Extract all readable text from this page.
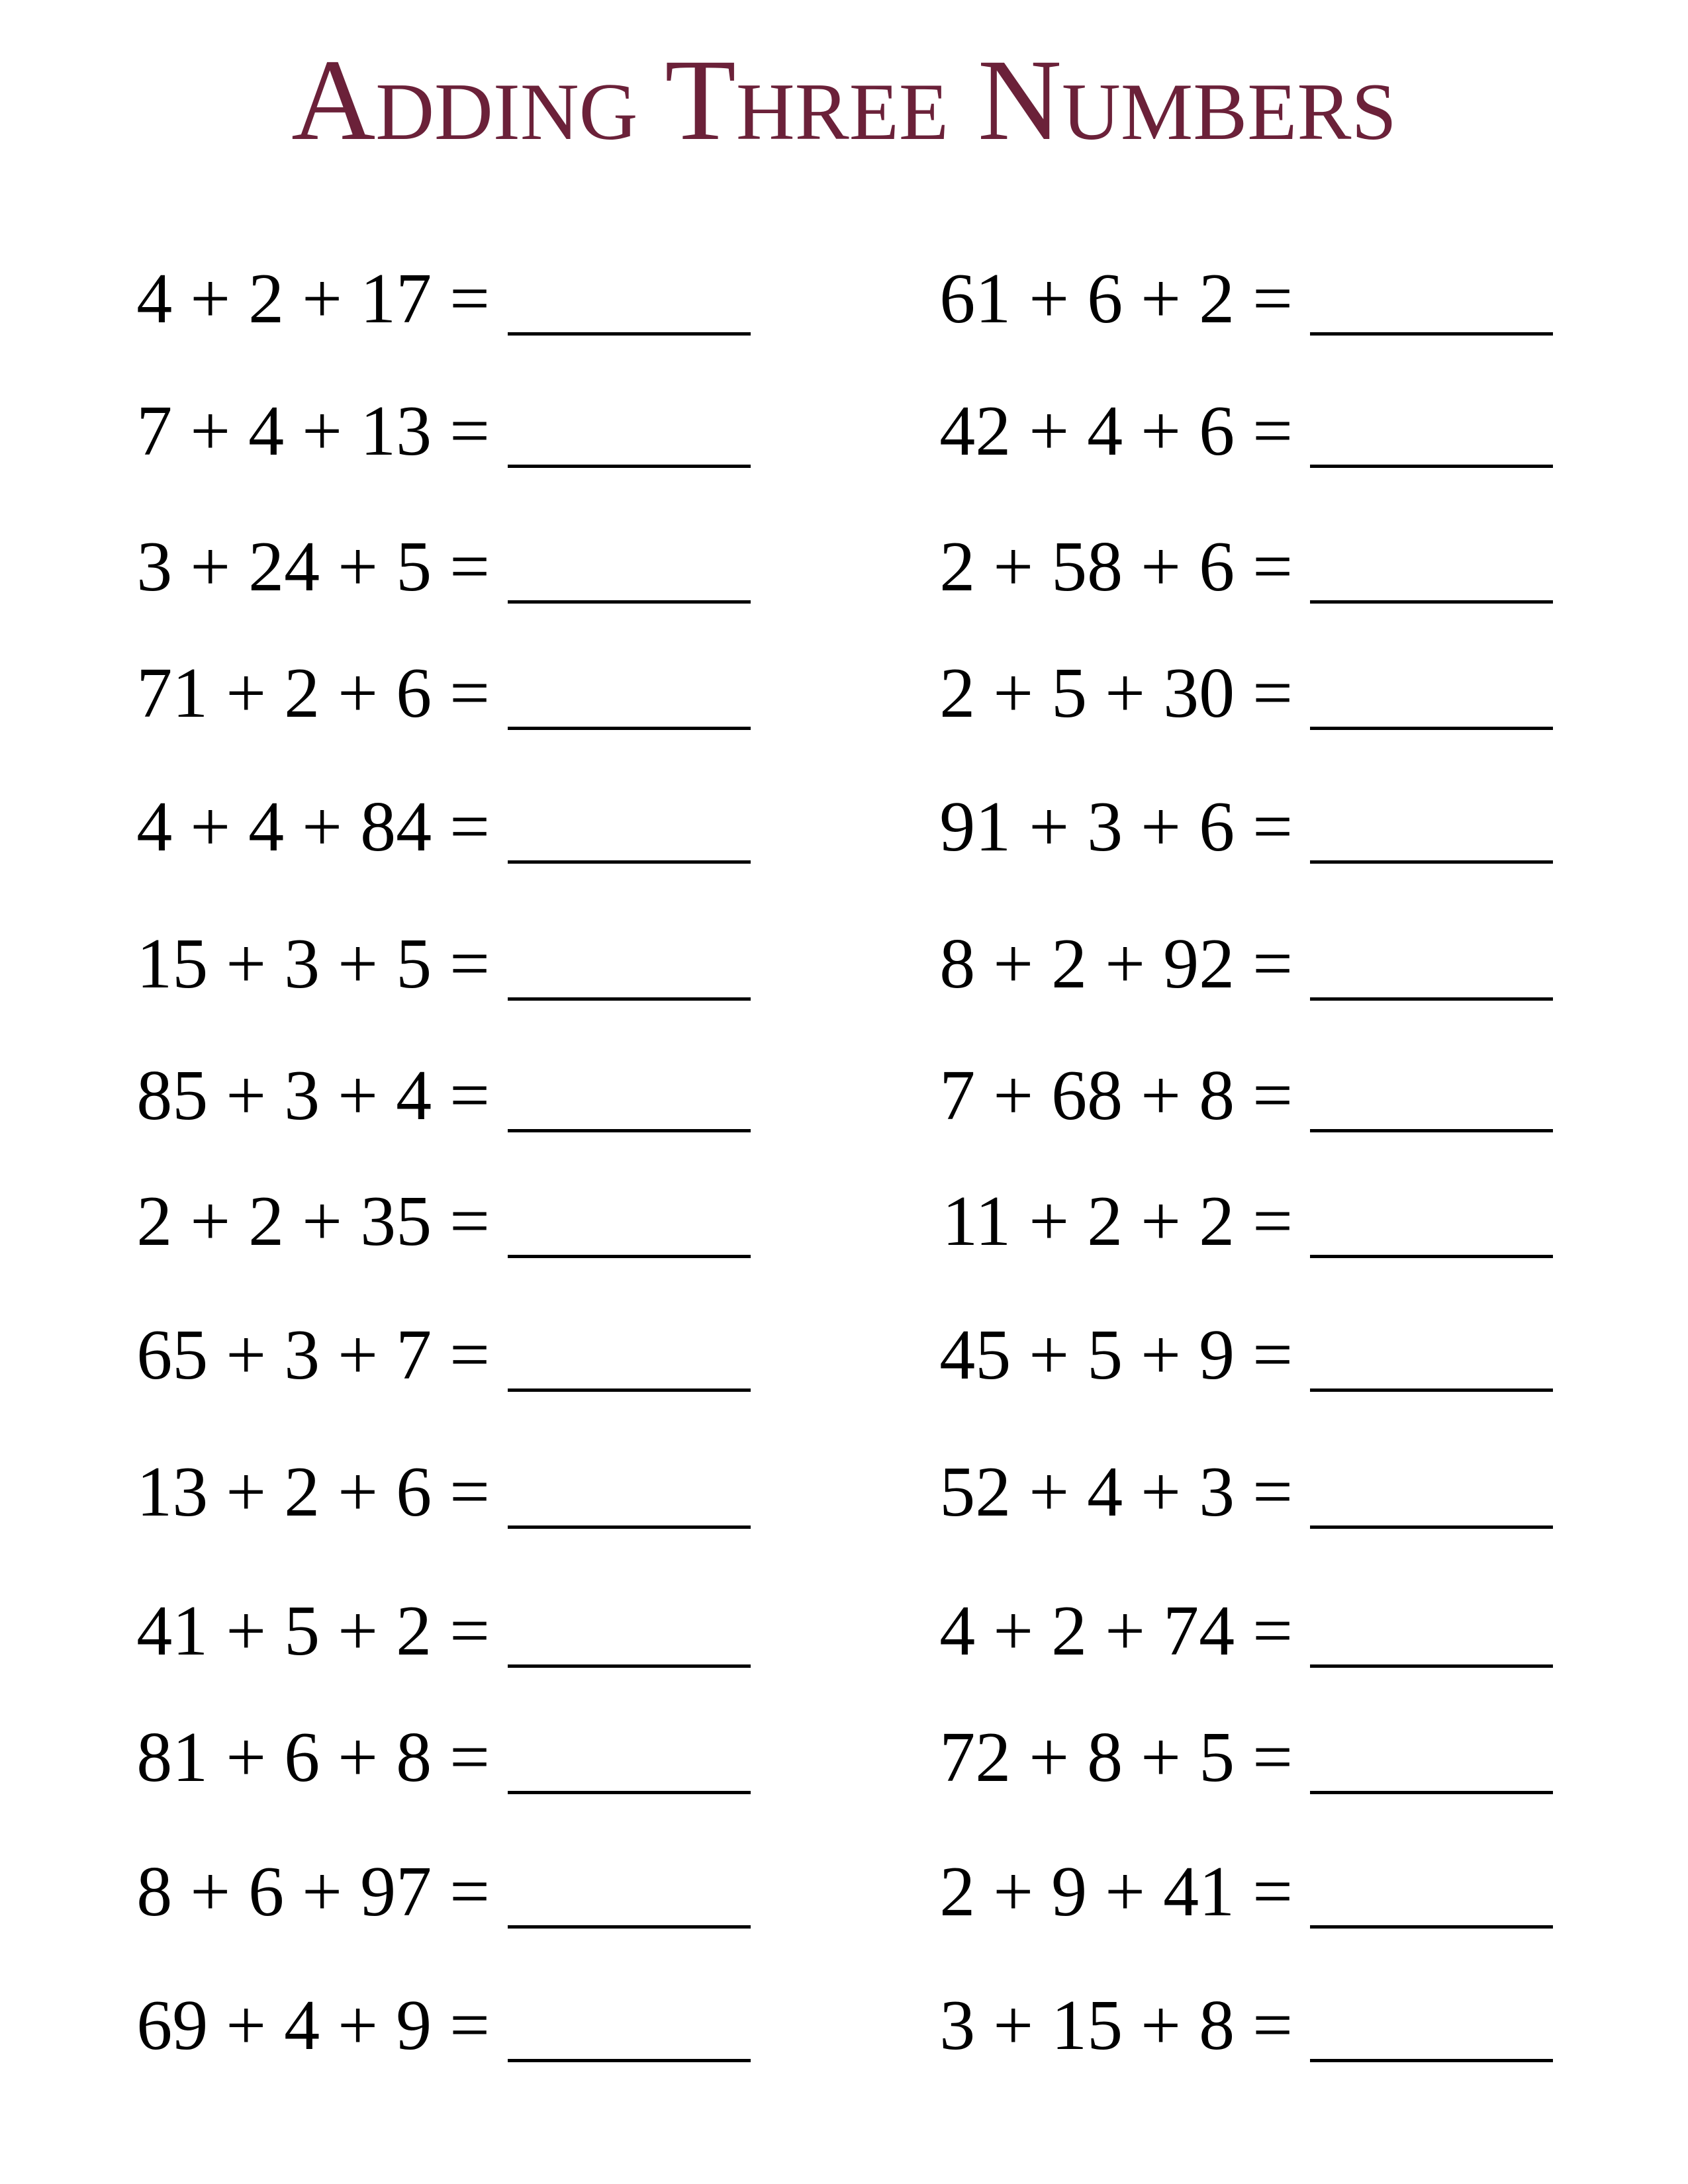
Adding Three Numbers
4 + 2 + 17 =
7 + 4 + 13 =
3 + 24 + 5 =
71 + 2 + 6 =
4 + 4 + 84 =
15 + 3 + 5 =
85 + 3 + 4 =
2 + 2 + 35 =
65 + 3 + 7 =
13 + 2 + 6 =
41 + 5 + 2 =
81 + 6 + 8 =
8 + 6 + 97 =
69 + 4 + 9 =
61 + 6 + 2 =
42 + 4 + 6 =
2 + 58 + 6 =
2 + 5 + 30 =
91 + 3 + 6 =
8 + 2 + 92 =
7 + 68 + 8 =
11 + 2 + 2 =
45 + 5 + 9 =
52 + 4 + 3 =
4 + 2 + 74 =
72 + 8 + 5 =
2 + 9 + 41 =
3 + 15 + 8 =
